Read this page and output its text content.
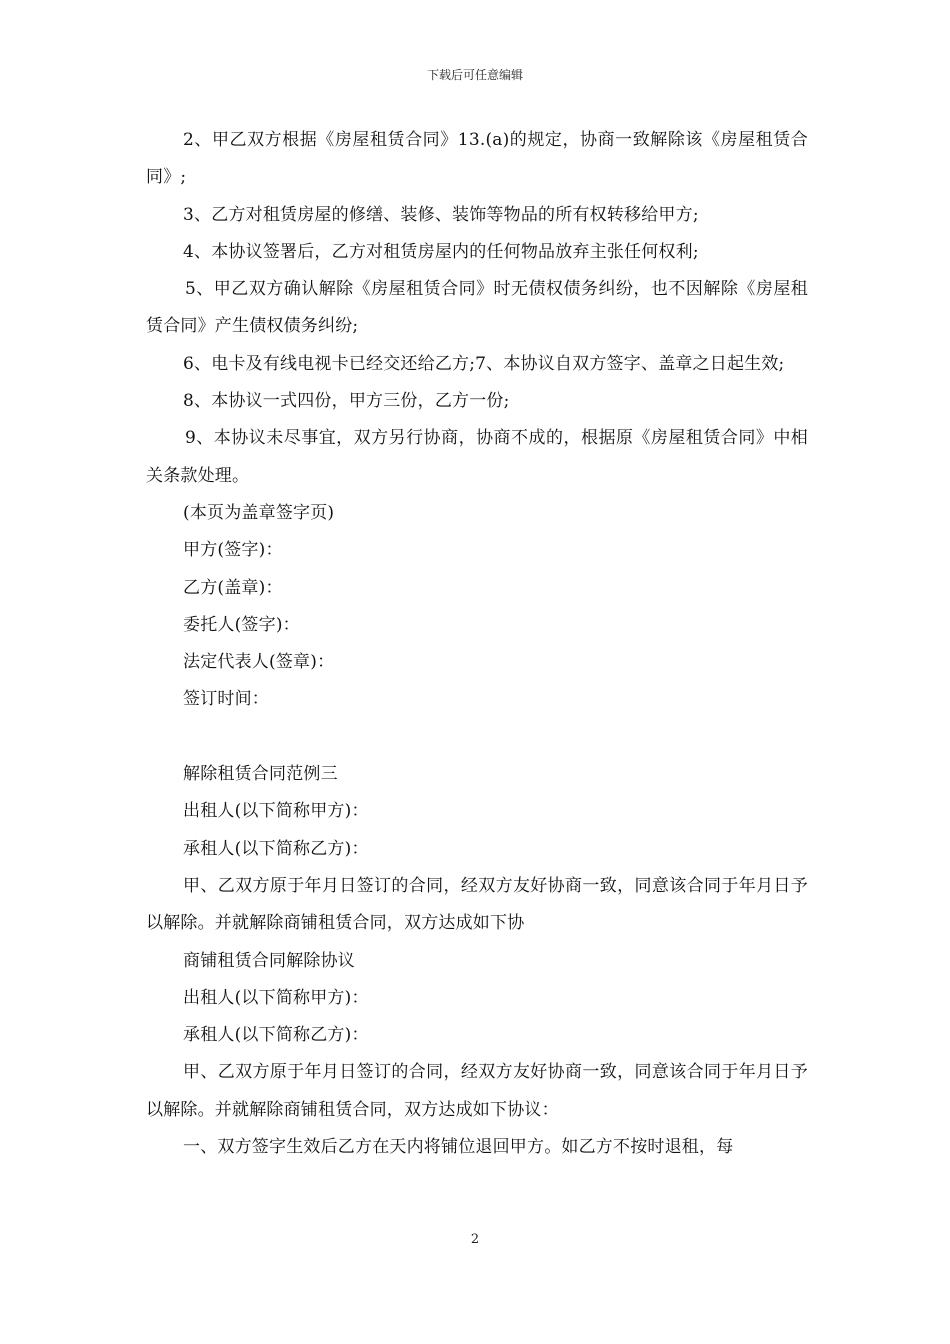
下载后可任意编辑

2、甲乙双方根据《房屋租赁合同》13.(a)的规定，协商一致解除该《房屋租赁合同》;

3、乙方对租赁房屋的修缮、装修、装饰等物品的所有权转移给甲方;

4、本协议签署后，乙方对租赁房屋内的任何物品放弃主张任何权利;

5、甲乙双方确认解除《房屋租赁合同》时无债权债务纠纷，也不因解除《房屋租赁合同》产生债权债务纠纷;

6、电卡及有线电视卡已经交还给乙方;7、本协议自双方签字、盖章之日起生效;

8、本协议一式四份，甲方三份，乙方一份;

9、本协议未尽事宜，双方另行协商，协商不成的，根据原《房屋租赁合同》中相关条款处理。

(本页为盖章签字页)

甲方(签字)：

乙方(盖章)：

委托人(签字)：

法定代表人(签章)：

签订时间：

解除租赁合同范例三

出租人(以下简称甲方)：

承租人(以下简称乙方)：

甲、乙双方原于年月日签订的合同，经双方友好协商一致，同意该合同于年月日予以解除。并就解除商铺租赁合同，双方达成如下协

商铺租赁合同解除协议

出租人(以下简称甲方)：

承租人(以下简称乙方)：

甲、乙双方原于年月日签订的合同，经双方友好协商一致，同意该合同于年月日予以解除。并就解除商铺租赁合同，双方达成如下协议：

一、双方签字生效后乙方在天内将铺位退回甲方。如乙方不按时退租，每

2
